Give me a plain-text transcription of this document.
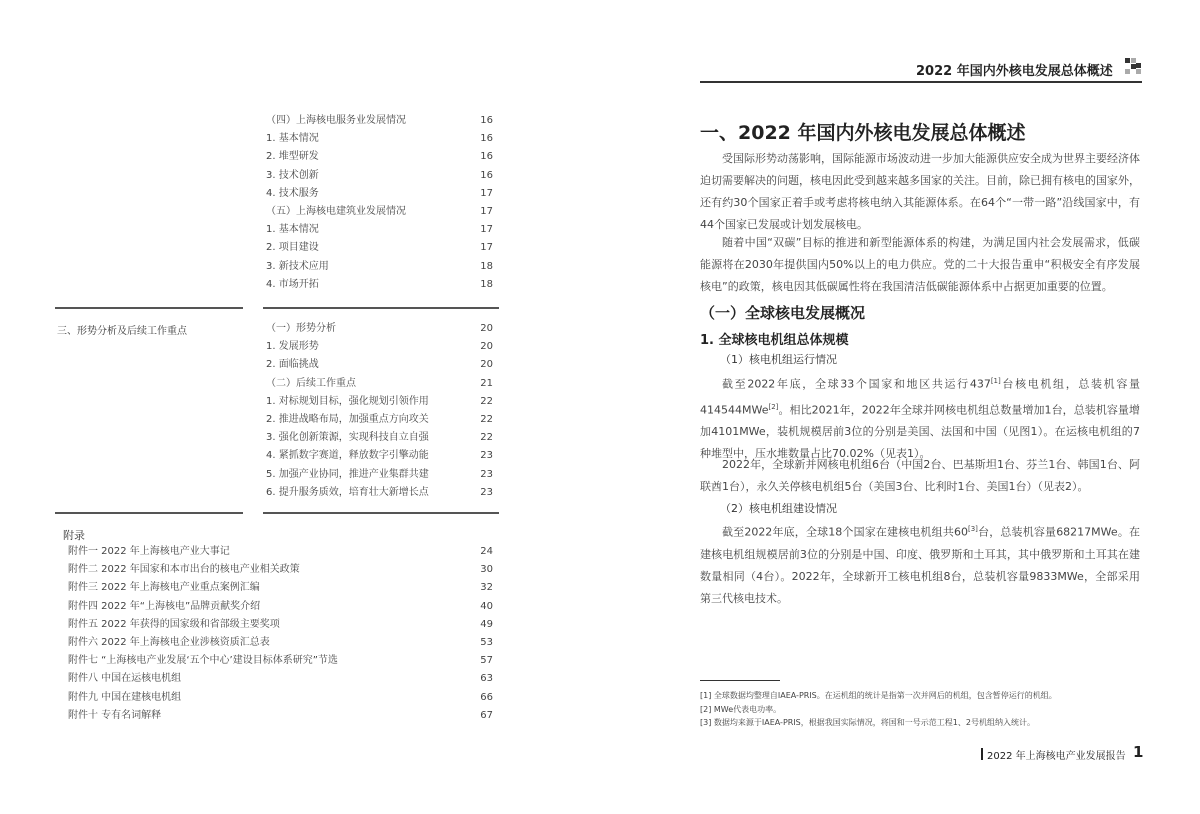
2022 年国内外核电发展总体概述
（四）上海核电服务业发展情况	16
1. 基本情况	16
2. 堆型研发	16
3. 技术创新	16
4. 技术服务	17
（五）上海核电建筑业发展情况	17
1. 基本情况	17
2. 项目建设	17
3. 新技术应用	18
4. 市场开拓	18
三、形势分析及后续工作重点	（一）形势分析	20
1. 发展形势	20
2. 面临挑战	20
（二）后续工作重点	21
1. 对标规划目标，强化规划引领作用	22
2. 推进战略布局，加强重点方向攻关	22
3. 强化创新策源，实现科技自立自强	22
4. 紧抓数字赛道，释放数字引擎动能	23
5. 加强产业协同，推进产业集群共建	23
6. 提升服务质效，培育壮大新增长点	23
附录
附件一 2022 年上海核电产业大事记	24
附件二 2022 年国家和本市出台的核电产业相关政策	30
附件三 2022 年上海核电产业重点案例汇编	32
附件四 2022 年“上海核电”品牌贡献奖介绍	40
附件五 2022 年获得的国家级和省部级主要奖项	49
附件六 2022 年上海核电企业涉核资质汇总表	53
附件七 “上海核电产业发展‘五个中心’建设目标体系研究”节选	57
附件八 中国在运核电机组	63
附件九 中国在建核电机组	66
附件十 专有名词解释	67
一、2022 年国内外核电发展总体概述

受国际形势动荡影响，国际能源市场波动进一步加大能源供应安全成为世界主要经济体迫切需要解决的问题，核电因此受到越来越多国家的关注。目前，除已拥有核电的国家外，还有约30个国家正着手或考虑将核电纳入其能源体系。在64个“一带一路”沿线国家中，有44个国家已发展或计划发展核电。

随着中国“双碳”目标的推进和新型能源体系的构建，为满足国内社会发展需求，低碳能源将在2030年提供国内50%以上的电力供应。党的二十大报告重申“积极安全有序发展核电”的政策，核电因其低碳属性将在我国清洁低碳能源体系中占据更加重要的位置。

（一）全球核电发展概况
1. 全球核电机组总体规模
（1）核电机组运行情况

截至2022年底，全球33个国家和地区共运行437[1]台核电机组，总装机容量414544MWe[2]。相比2021年，2022年全球并网核电机组总数量增加1台，总装机容量增加4101MWe，装机规模居前3位的分别是美国、法国和中国（见图1）。在运核电机组的7种堆型中，压水堆数量占比70.02%（见表1）。

2022年，全球新并网核电机组6台（中国2台、巴基斯坦1台、芬兰1台、韩国1台、阿联酋1台），永久关停核电机组5台（美国3台、比利时1台、美国1台）（见表2）。

（2）核电机组建设情况

截至2022年底，全球18个国家在建核电机组共60[3]台，总装机容量68217MWe。在建核电机组规模居前3位的分别是中国、印度、俄罗斯和土耳其，其中俄罗斯和土耳其在建数量相同（4台）。2022年，全球新开工核电机组8台，总装机容量9833MWe，全部采用第三代核电技术。

[1] 全球数据均整理自IAEA-PRIS。在运机组的统计是指第一次并网后的机组，包含暂停运行的机组。
[2] MWe代表电功率。
[3] 数据均来源于IAEA-PRIS，根据我国实际情况，将国和一号示范工程1、2号机组纳入统计。
2022 年上海核电产业发展报告 1
